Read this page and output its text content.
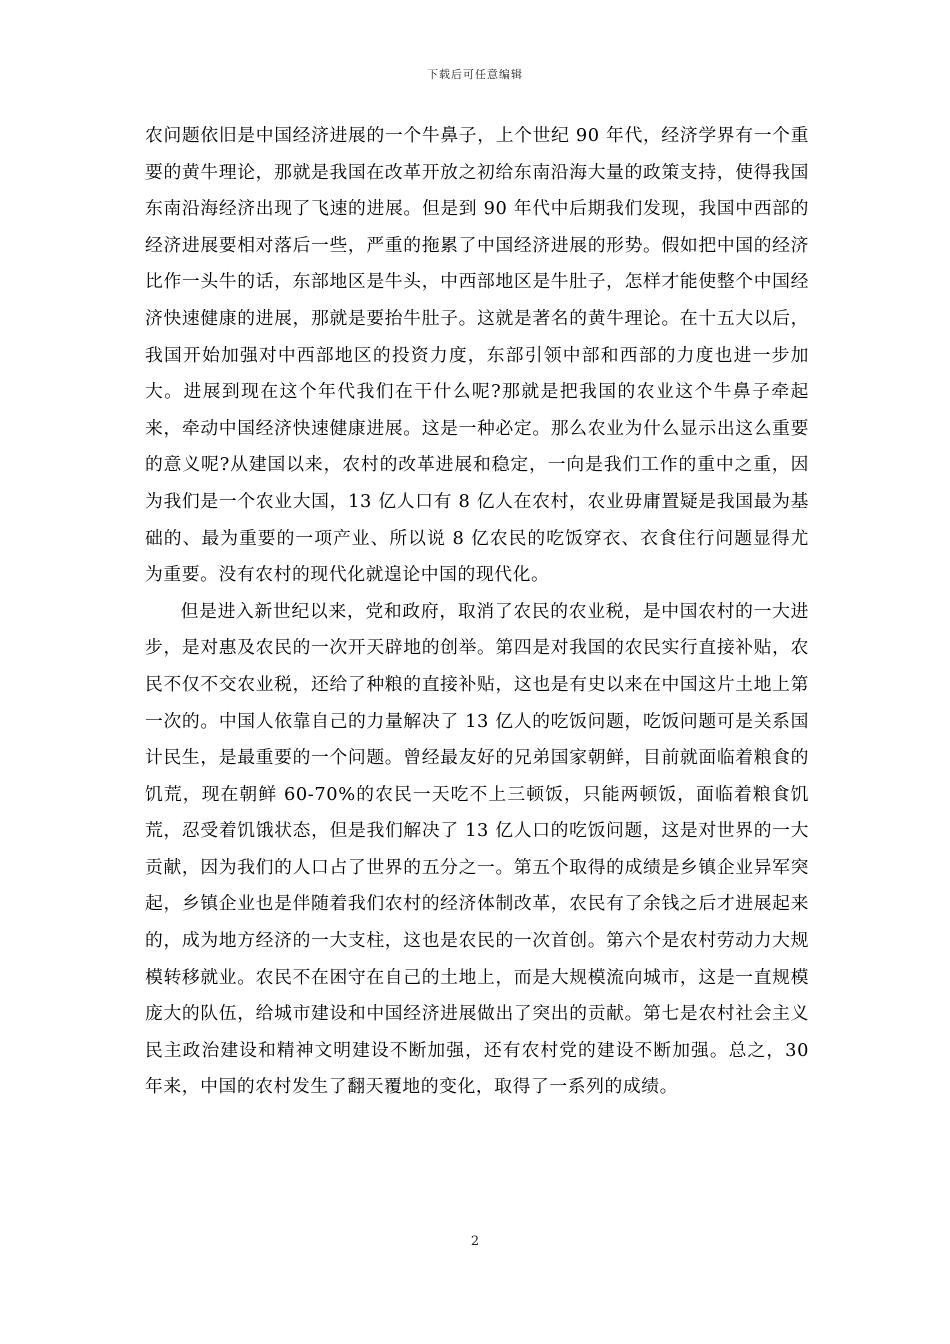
下载后可任意编辑

农问题依旧是中国经济进展的一个牛鼻子，上个世纪 90 年代，经济学界有一个重要的黄牛理论，那就是我国在改革开放之初给东南沿海大量的政策支持，使得我国东南沿海经济出现了飞速的进展。但是到 90 年代中后期我们发现，我国中西部的经济进展要相对落后一些，严重的拖累了中国经济进展的形势。假如把中国的经济比作一头牛的话，东部地区是牛头，中西部地区是牛肚子，怎样才能使整个中国经济快速健康的进展，那就是要抬牛肚子。这就是著名的黄牛理论。在十五大以后，我国开始加强对中西部地区的投资力度，东部引领中部和西部的力度也进一步加大。进展到现在这个年代我们在干什么呢?那就是把我国的农业这个牛鼻子牵起来，牵动中国经济快速健康进展。这是一种必定。那么农业为什么显示出这么重要的意义呢?从建国以来，农村的改革进展和稳定，一向是我们工作的重中之重，因为我们是一个农业大国，13 亿人口有 8 亿人在农村，农业毋庸置疑是我国最为基础的、最为重要的一项产业、所以说 8 亿农民的吃饭穿衣、衣食住行问题显得尤为重要。没有农村的现代化就遑论中国的现代化。

但是进入新世纪以来，党和政府，取消了农民的农业税，是中国农村的一大进步，是对惠及农民的一次开天辟地的创举。第四是对我国的农民实行直接补贴，农民不仅不交农业税，还给了种粮的直接补贴，这也是有史以来在中国这片土地上第一次的。中国人依靠自己的力量解决了 13 亿人的吃饭问题，吃饭问题可是关系国计民生，是最重要的一个问题。曾经最友好的兄弟国家朝鲜，目前就面临着粮食的饥荒，现在朝鲜 60-70%的农民一天吃不上三顿饭，只能两顿饭，面临着粮食饥荒，忍受着饥饿状态，但是我们解决了 13 亿人口的吃饭问题，这是对世界的一大贡献，因为我们的人口占了世界的五分之一。第五个取得的成绩是乡镇企业异军突起，乡镇企业也是伴随着我们农村的经济体制改革，农民有了余钱之后才进展起来的，成为地方经济的一大支柱，这也是农民的一次首创。第六个是农村劳动力大规模转移就业。农民不在困守在自己的土地上，而是大规模流向城市，这是一直规模庞大的队伍，给城市建设和中国经济进展做出了突出的贡献。第七是农村社会主义民主政治建设和精神文明建设不断加强，还有农村党的建设不断加强。总之，30 年来，中国的农村发生了翻天覆地的变化，取得了一系列的成绩。

2
